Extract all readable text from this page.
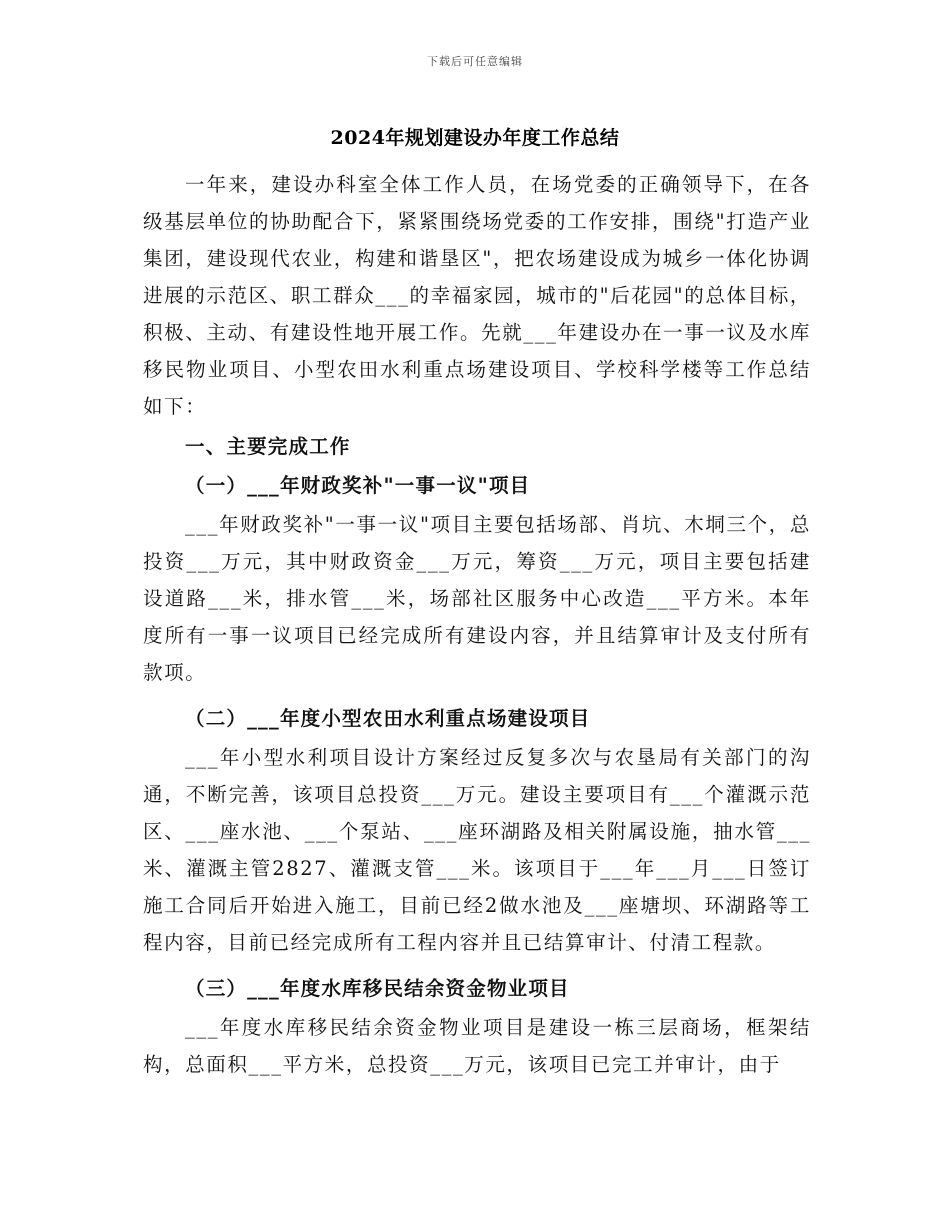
下载后可任意编辑
2024年规划建设办年度工作总结

一年来，建设办科室全体工作人员，在场党委的正确领导下，在各级基层单位的协助配合下，紧紧围绕场党委的工作安排，围绕"打造产业集团，建设现代农业，构建和谐垦区"，把农场建设成为城乡一体化协调进展的示范区、职工群众___的幸福家园，城市的"后花园"的总体目标，积极、主动、有建设性地开展工作。先就___年建设办在一事一议及水库移民物业项目、小型农田水利重点场建设项目、学校科学楼等工作总结如下：

一、主要完成工作
（一）___年财政奖补"一事一议"项目

___年财政奖补"一事一议"项目主要包括场部、肖坑、木垌三个，总投资___万元，其中财政资金___万元，筹资___万元，项目主要包括建设道路___米，排水管___米，场部社区服务中心改造___平方米。本年度所有一事一议项目已经完成所有建设内容，并且结算审计及支付所有款项。

（二）___年度小型农田水利重点场建设项目

___年小型水利项目设计方案经过反复多次与农垦局有关部门的沟通，不断完善，该项目总投资___万元。建设主要项目有___个灌溉示范区、___座水池、___个泵站、___座环湖路及相关附属设施，抽水管___米、灌溉主管2827、灌溉支管___米。该项目于___年___月___日签订施工合同后开始进入施工，目前已经2做水池及___座塘坝、环湖路等工程内容，目前已经完成所有工程内容并且已结算审计、付清工程款。

（三）___年度水库移民结余资金物业项目

___年度水库移民结余资金物业项目是建设一栋三层商场，框架结构，总面积___平方米，总投资___万元，该项目已完工并审计，由于
